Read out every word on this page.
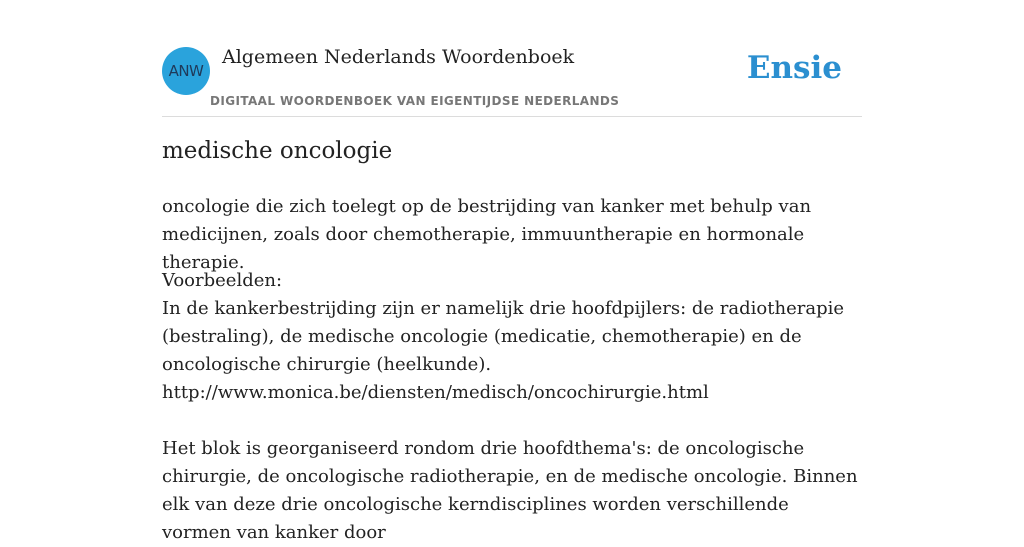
ANW
Algemeen Nederlands Woordenboek
DIGITAAL WOORDENBOEK VAN EIGENTIJDSE NEDERLANDS
Ensie
medische oncologie
oncologie die zich toelegt op de bestrijding van kanker met behulp van medicijnen, zoals door chemotherapie, immuuntherapie en hormonale therapie.

Voorbeelden:

In de kankerbestrijding zijn er namelijk drie hoofdpijlers: de radiotherapie (bestraling), de medische oncologie (medicatie, chemotherapie) en de oncologische chirurgie (heelkunde).

http://www.monica.be/diensten/medisch/oncochirurgie.html

Het blok is georganiseerd rondom drie hoofdthema's: de oncologische chirurgie, de oncologische radiotherapie, en de medische oncologie. Binnen elk van deze drie oncologische kerndisciplines worden verschillende vormen van kanker door
